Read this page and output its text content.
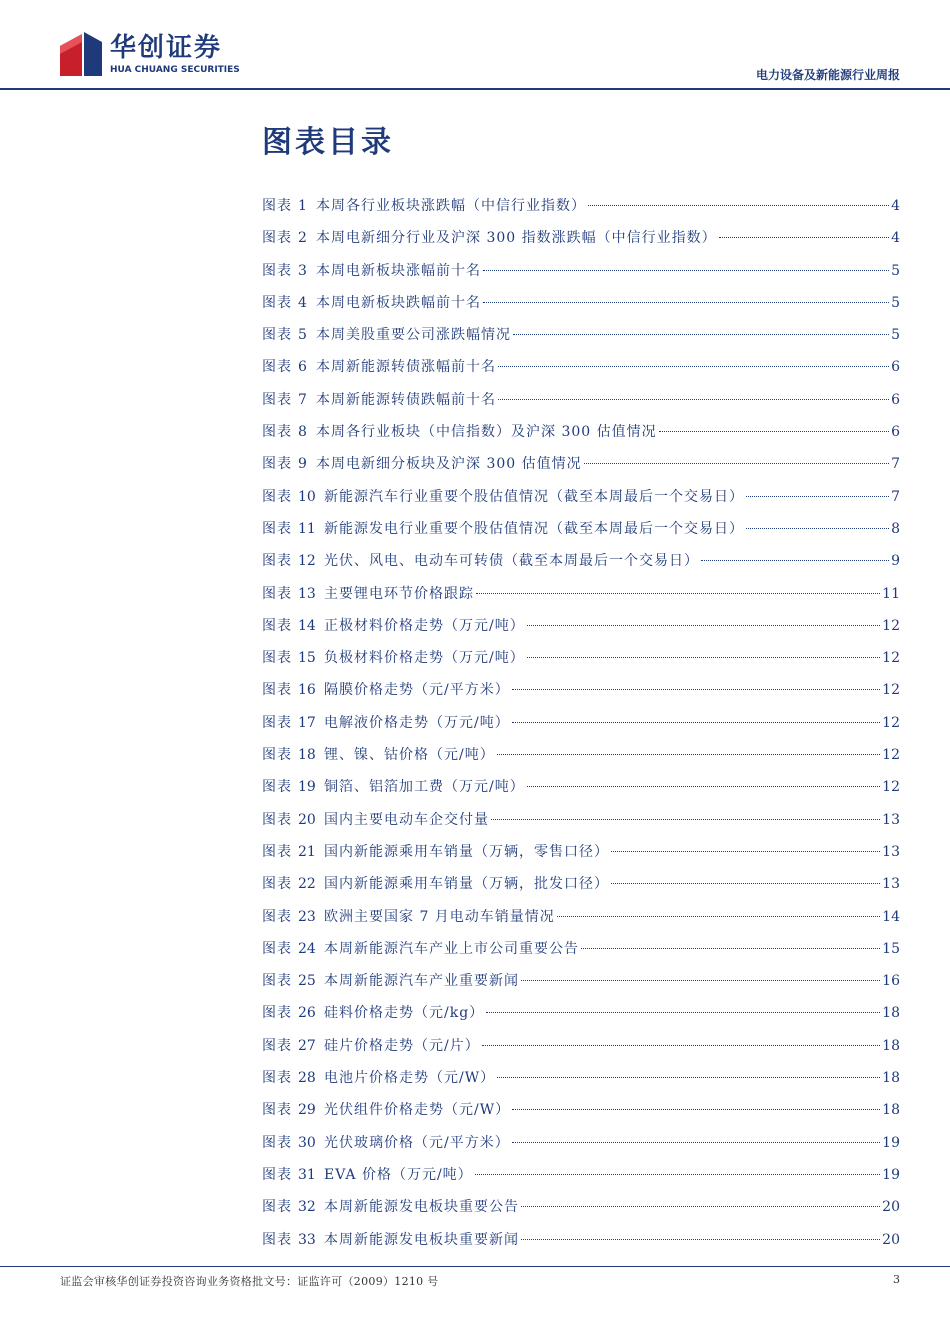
华创证券
HUA CHUANG SECURITIES	电力设备及新能源行业周报
图表目录
图表 1 本周各行业板块涨跌幅（中信行业指数）	4
图表 2 本周电新细分行业及沪深 300 指数涨跌幅（中信行业指数）	4
图表 3 本周电新板块涨幅前十名	5
图表 4 本周电新板块跌幅前十名	5
图表 5 本周美股重要公司涨跌幅情况	5
图表 6 本周新能源转债涨幅前十名	6
图表 7 本周新能源转债跌幅前十名	6
图表 8 本周各行业板块（中信指数）及沪深 300 估值情况	6
图表 9 本周电新细分板块及沪深 300 估值情况	7
图表 10 新能源汽车行业重要个股估值情况（截至本周最后一个交易日）	7
图表 11 新能源发电行业重要个股估值情况（截至本周最后一个交易日）	8
图表 12 光伏、风电、电动车可转债（截至本周最后一个交易日）	9
图表 13 主要锂电环节价格跟踪	11
图表 14 正极材料价格走势（万元/吨）	12
图表 15 负极材料价格走势（万元/吨）	12
图表 16 隔膜价格走势（元/平方米）	12
图表 17 电解液价格走势（万元/吨）	12
图表 18 锂、镍、钴价格（元/吨）	12
图表 19 铜箔、铝箔加工费（万元/吨）	12
图表 20 国内主要电动车企交付量	13
图表 21 国内新能源乘用车销量（万辆，零售口径）	13
图表 22 国内新能源乘用车销量（万辆，批发口径）	13
图表 23 欧洲主要国家 7 月电动车销量情况	14
图表 24 本周新能源汽车产业上市公司重要公告	15
图表 25 本周新能源汽车产业重要新闻	16
图表 26 硅料价格走势（元/kg）	18
图表 27 硅片价格走势（元/片）	18
图表 28 电池片价格走势（元/W）	18
图表 29 光伏组件价格走势（元/W）	18
图表 30 光伏玻璃价格（元/平方米）	19
图表 31 EVA 价格（万元/吨）	19
图表 32 本周新能源发电板块重要公告	20
图表 33 本周新能源发电板块重要新闻	20
证监会审核华创证券投资咨询业务资格批文号：证监许可（2009）1210 号	3
